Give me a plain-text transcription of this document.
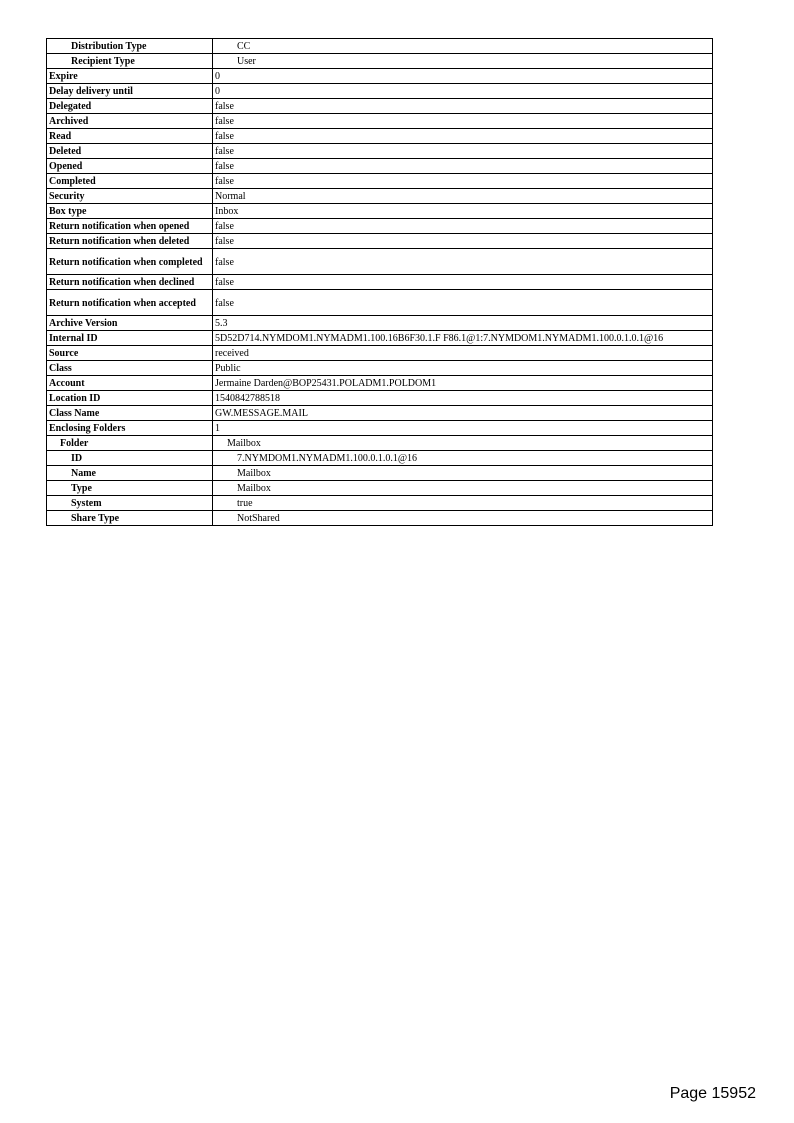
Distribution Type	CC
Recipient Type	User
Expire	0
Delay delivery until	0
Delegated	false
Archived	false
Read	false
Deleted	false
Opened	false
Completed	false
Security	Normal
Box type	Inbox
Return notification when opened	false
Return notification when deleted	false
Return notification when completed	false
Return notification when declined	false
Return notification when accepted	false
Archive Version	5.3
Internal ID	5D52D714.NYMDOM1.NYMADM1.100.16B6F30.1.F F86.1@1:7.NYMDOM1.NYMADM1.100.0.1.0.1@16
Source	received
Class	Public
Account	Jermaine Darden@BOP25431.POLADM1.POLDOM1
Location ID	1540842788518
Class Name	GW.MESSAGE.MAIL
Enclosing Folders	1
Folder	Mailbox
ID	7.NYMDOM1.NYMADM1.100.0.1.0.1@16
Name	Mailbox
Type	Mailbox
System	true
Share Type	NotShared
Page 15952
